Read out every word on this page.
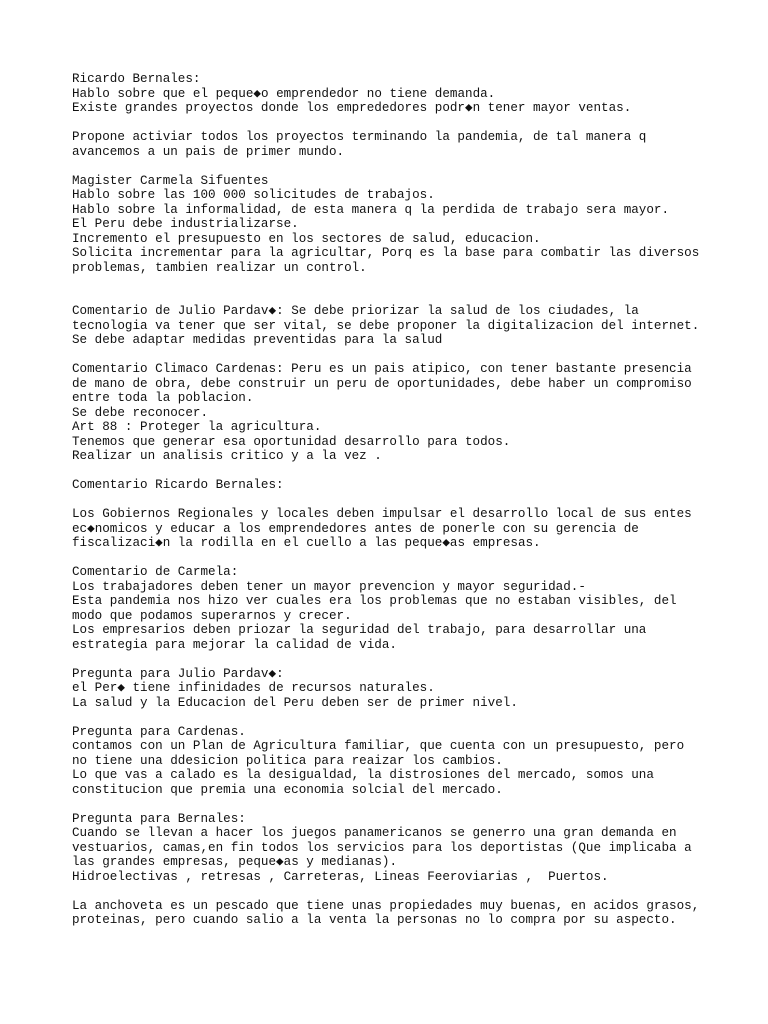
Ricardo Bernales:
Hablo sobre que el peque◆o emprendedor no tiene demanda.
Existe grandes proyectos donde los emprededores podr◆n tener mayor ventas.
Propone activiar todos los proyectos terminando la pandemia, de tal manera q
avancemos a un pais de primer mundo.
Magister Carmela Sifuentes
Hablo sobre las 100 000 solicitudes de trabajos.
Hablo sobre la informalidad, de esta manera q la perdida de trabajo sera mayor.
El Peru debe industrializarse.
Incremento el presupuesto en los sectores de salud, educacion.
Solicita incrementar para la agricultar, Porq es la base para combatir las diversos
problemas, tambien realizar un control.
Comentario de Julio Pardav◆: Se debe priorizar la salud de los ciudades, la
tecnologia va tener que ser vital, se debe proponer la digitalizacion del internet.
Se debe adaptar medidas preventidas para la salud
Comentario Climaco Cardenas: Peru es un pais atipico, con tener bastante presencia
de mano de obra, debe construir un peru de oportunidades, debe haber un compromiso
entre toda la poblacion.
Se debe reconocer.
Art 88 : Proteger la agricultura.
Tenemos que generar esa oportunidad desarrollo para todos.
Realizar un analisis critico y a la vez .
Comentario Ricardo Bernales:
Los Gobiernos Regionales y locales deben impulsar el desarrollo local de sus entes
ec◆nomicos y educar a los emprendedores antes de ponerle con su gerencia de
fiscalizaci◆n la rodilla en el cuello a las peque◆as empresas.
Comentario de Carmela:
Los trabajadores deben tener un mayor prevencion y mayor seguridad.-
Esta pandemia nos hizo ver cuales era los problemas que no estaban visibles, del
modo que podamos superarnos y crecer.
Los empresarios deben priozar la seguridad del trabajo, para desarrollar una
estrategia para mejorar la calidad de vida.
Pregunta para Julio Pardav◆:
el Per◆ tiene infinidades de recursos naturales.
La salud y la Educacion del Peru deben ser de primer nivel.
Pregunta para Cardenas.
contamos con un Plan de Agricultura familiar, que cuenta con un presupuesto, pero
no tiene una ddesicion politica para reaizar los cambios.
Lo que vas a calado es la desigualdad, la distrosiones del mercado, somos una
constitucion que premia una economia solcial del mercado.
Pregunta para Bernales:
Cuando se llevan a hacer los juegos panamericanos se generro una gran demanda en
vestuarios, camas,en fin todos los servicios para los deportistas (Que implicaba a
las grandes empresas, peque◆as y medianas).
Hidroelectivas , retresas , Carreteras, Lineas Feeroviarias ,  Puertos.
La anchoveta es un pescado que tiene unas propiedades muy buenas, en acidos grasos,
proteinas, pero cuando salio a la venta la personas no lo compra por su aspecto.
